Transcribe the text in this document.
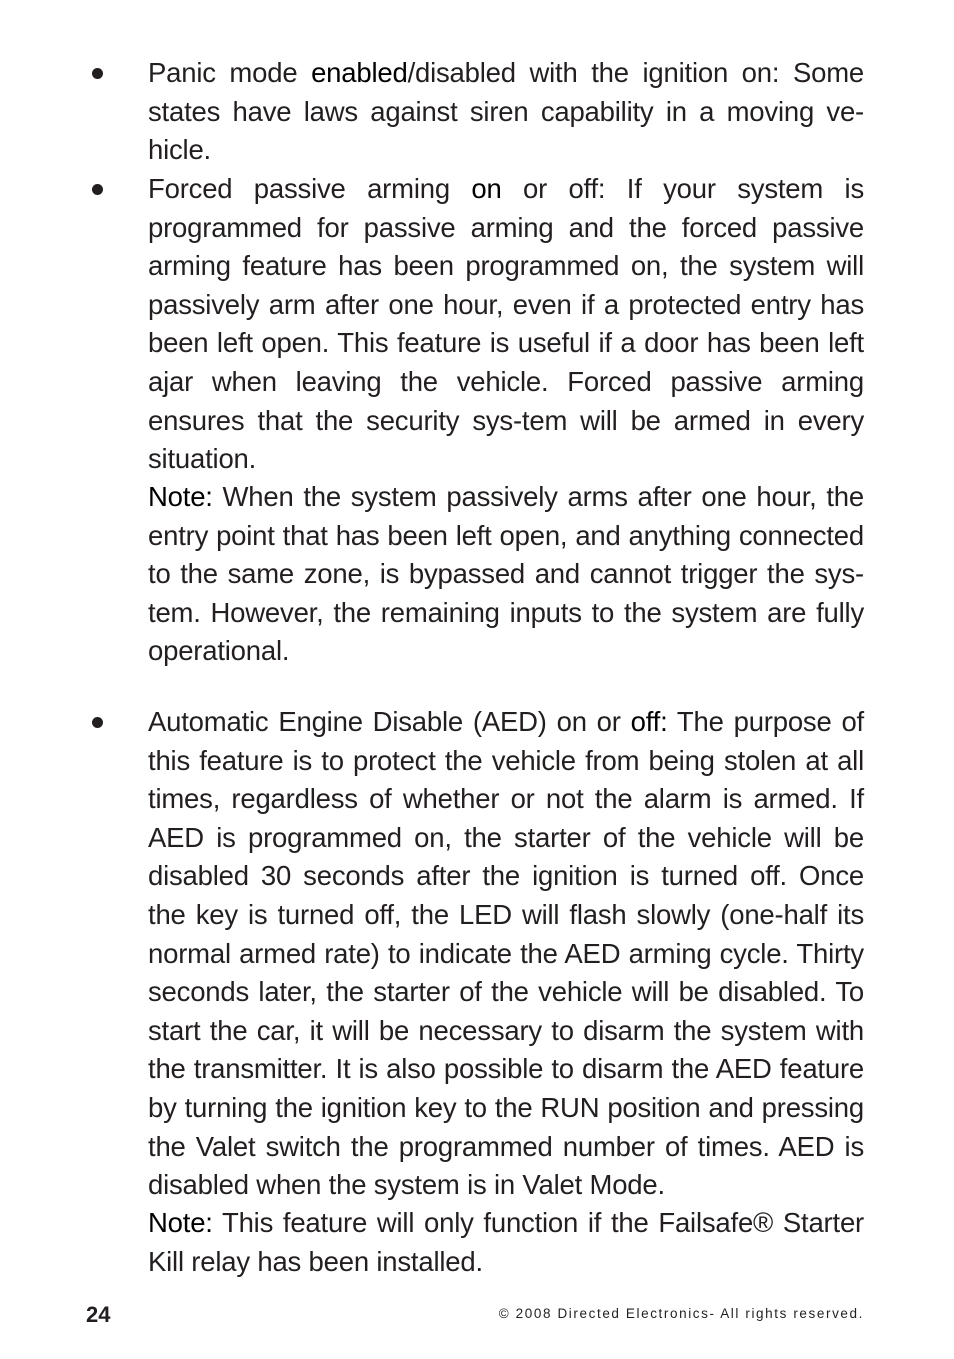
Panic mode enabled/disabled with the ignition on: Some states have laws against siren capability in a moving ve-hicle.
Forced passive arming on or off: If your system is programmed for passive arming and the forced passive arming feature has been programmed on, the system will passively arm after one hour, even if a protected entry has been left open. This feature is useful if a door has been left ajar when leaving the vehicle. Forced passive arming ensures that the security sys-tem will be armed in every situation.
Note: When the system passively arms after one hour, the entry point that has been left open, and anything connected to the same zone, is bypassed and cannot trigger the sys-tem. However, the remaining inputs to the system are fully operational.
Automatic Engine Disable (AED) on or off: The purpose of this feature is to protect the vehicle from being stolen at all times, regardless of whether or not the alarm is armed. If AED is programmed on, the starter of the vehicle will be disabled 30 seconds after the ignition is turned off. Once the key is turned off, the LED will flash slowly (one-half its normal armed rate) to indicate the AED arming cycle. Thirty seconds later, the starter of the vehicle will be disabled. To start the car, it will be necessary to disarm the system with the transmitter. It is also possible to disarm the AED feature by turning the ignition key to the RUN position and pressing the Valet switch the programmed number of times. AED is disabled when the system is in Valet Mode.
Note: This feature will only function if the Failsafe® Starter Kill relay has been installed.
24	© 2008 Directed Electronics- All rights reserved.
